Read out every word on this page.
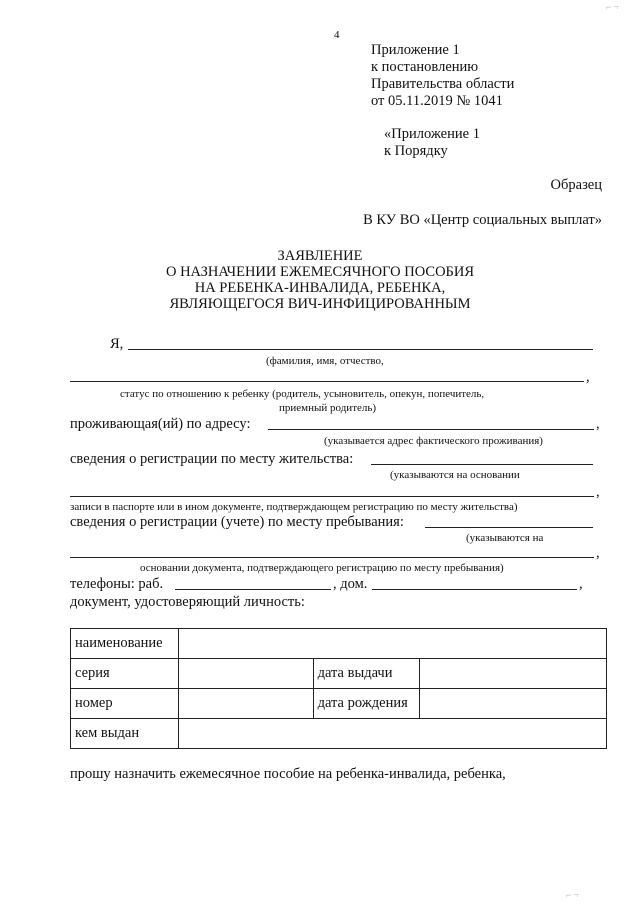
4
Приложение 1
к постановлению
Правительства области
от 05.11.2019 № 1041
«Приложение 1
к Порядку
Образец
В КУ ВО «Центр социальных выплат»
ЗАЯВЛЕНИЕ
О НАЗНАЧЕНИИ ЕЖЕМЕСЯЧНОГО ПОСОБИЯ
НА РЕБЕНКА-ИНВАЛИДА, РЕБЕНКА,
ЯВЛЯЮЩЕГОСЯ ВИЧ-ИНФИЦИРОВАННЫМ
Я,
(фамилия, имя, отчество,
,
статус по отношению к ребенку (родитель, усыновитель, опекун, попечитель,
приемный родитель)
проживающая(ий) по адресу:	,
(указывается адрес фактического проживания)
сведения о регистрации по месту жительства:
(указываются на основании
,
записи в паспорте или в ином документе, подтверждающем регистрацию по месту жительства)
сведения о регистрации (учете) по месту пребывания:
(указываются на
,
основании документа, подтверждающего регистрацию по месту пребывания)
телефоны: раб.	, дом.	,
документ, удостоверяющий личность:
наименование			
серия		дата выдачи	
номер		дата рождения	
кем выдан			
прошу назначить ежемесячное пособие на ребенка-инвалида, ребенка,
⌐ ¬
⌐ ¬
